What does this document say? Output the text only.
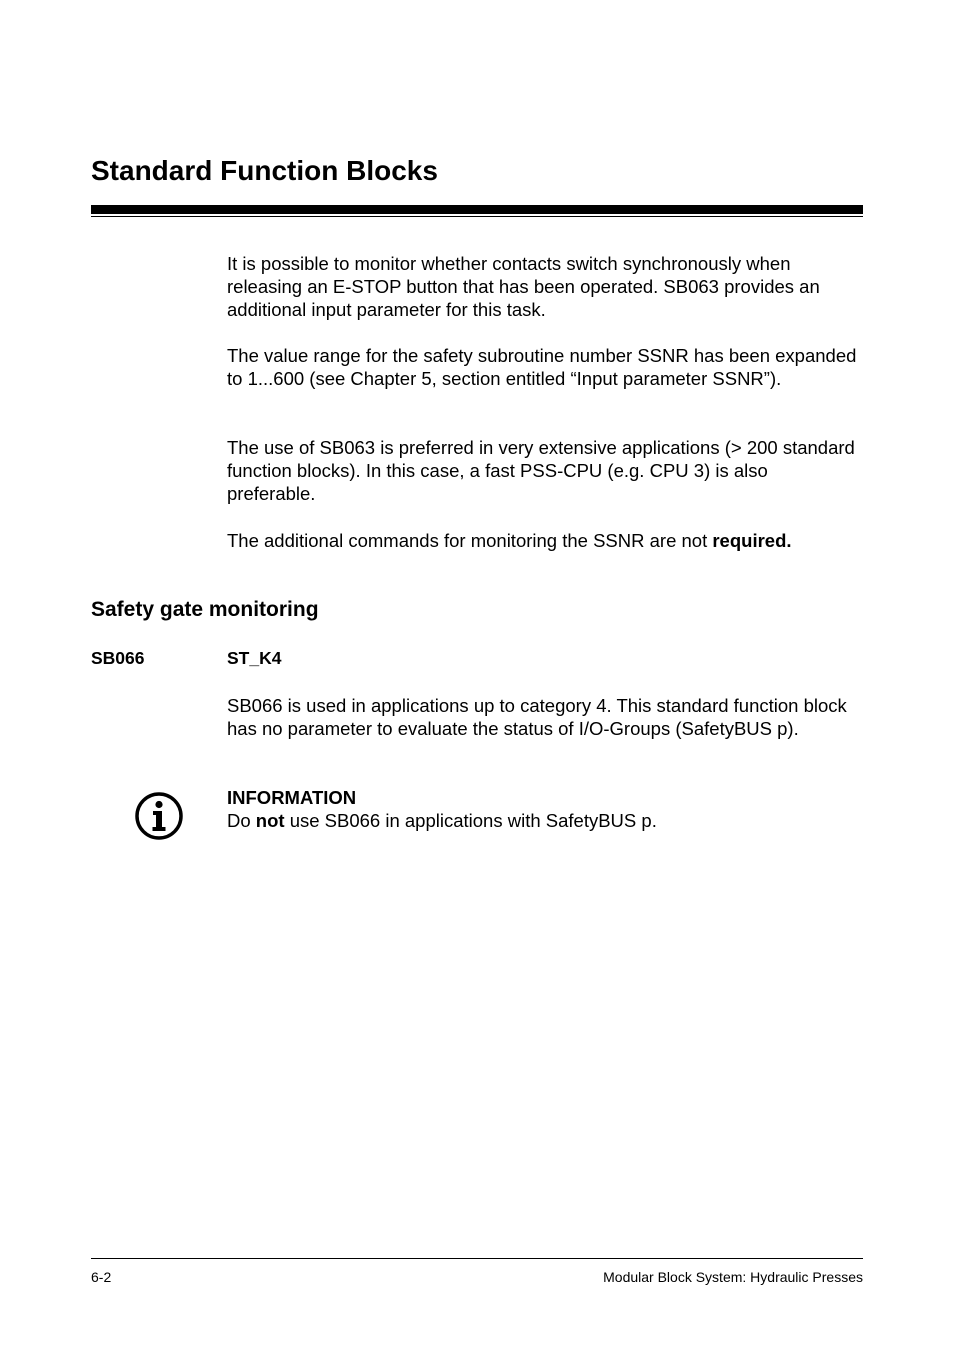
Standard Function Blocks

It is possible to monitor whether contacts switch synchronously when releasing an E-STOP button that has been operated. SB063 provides an additional input parameter for this task.

The value range for the safety subroutine number SSNR has been expanded to 1...600 (see Chapter 5, section entitled “Input parameter SSNR”).

The use of SB063 is preferred in very extensive applications (> 200 standard function blocks). In this case, a fast PSS-CPU (e.g. CPU 3) is also preferable.

The additional commands for monitoring the SSNR are not required.

Safety gate monitoring
SB066	ST_K4

SB066 is used in applications up to category 4. This standard function block has no parameter to evaluate the status of I/O-Groups (SafetyBUS p).

INFORMATION

Do not use SB066 in applications with SafetyBUS p.

6-2	Modular Block System: Hydraulic Presses
